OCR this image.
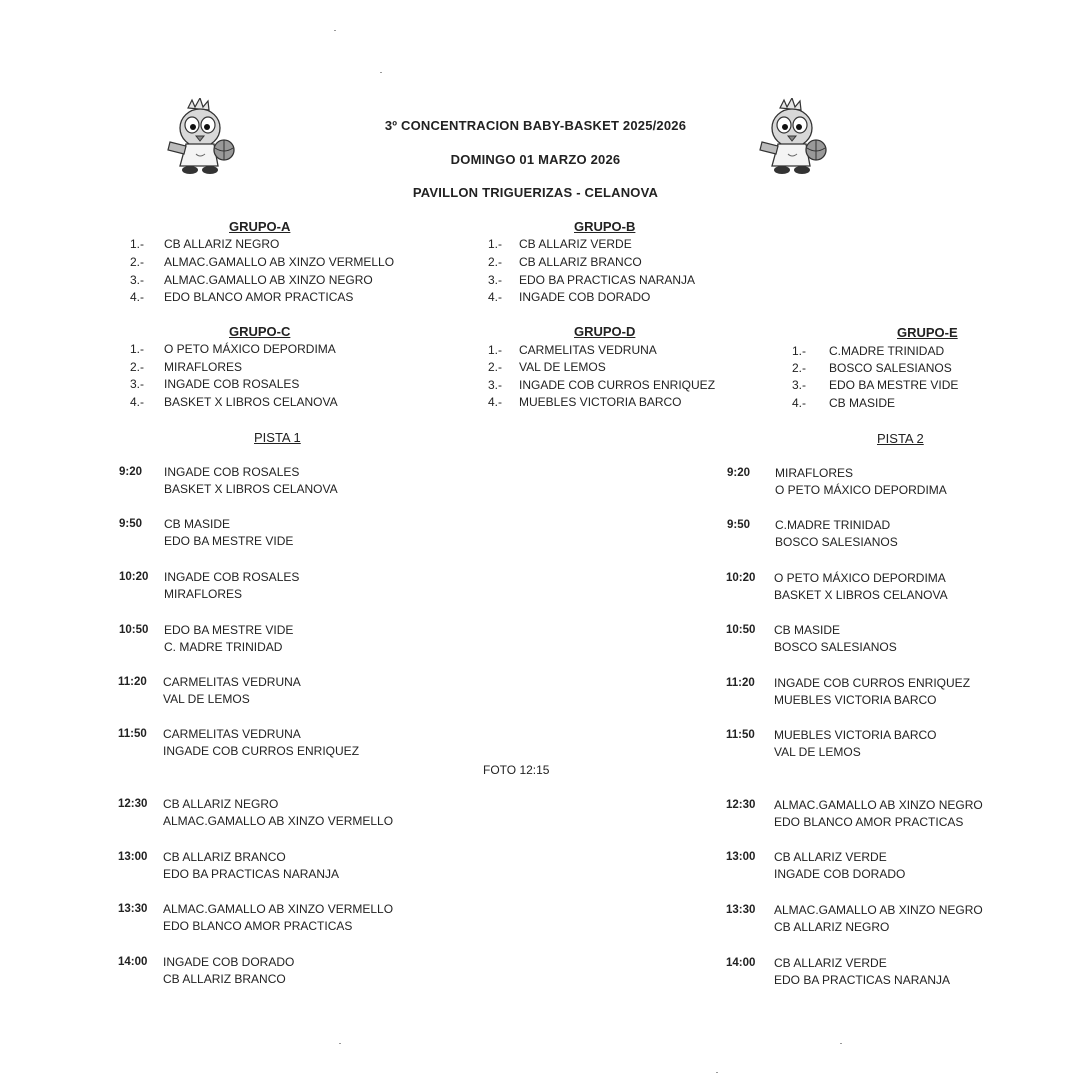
3º CONCENTRACION BABY-BASKET 2025/2026
DOMINGO 01 MARZO 2026
PAVILLON TRIGUERIZAS - CELANOVA
GRUPO-A
1.- CB ALLARIZ NEGRO
2.- ALMAC.GAMALLO AB XINZO VERMELLO
3.- ALMAC.GAMALLO AB XINZO NEGRO
4.- EDO BLANCO AMOR PRACTICAS
GRUPO-B
1.- CB ALLARIZ VERDE
2.- CB ALLARIZ BRANCO
3.- EDO BA PRACTICAS NARANJA
4.- INGADE COB DORADO
GRUPO-C
1.- O PETO MÁXICO DEPORDIMA
2.- MIRAFLORES
3.- INGADE COB ROSALES
4.- BASKET X LIBROS CELANOVA
GRUPO-D
1.- CARMELITAS VEDRUNA
2.- VAL DE LEMOS
3.- INGADE COB CURROS ENRIQUEZ
4.- MUEBLES VICTORIA BARCO
GRUPO-E
1.- C.MADRE TRINIDAD
2.- BOSCO SALESIANOS
3.- EDO BA MESTRE VIDE
4.- CB MASIDE
PISTA 1	PISTA 2
9:20 INGADE COB ROSALES
BASKET X LIBROS CELANOVA
9:50 CB MASIDE
EDO BA MESTRE VIDE
10:20 INGADE COB ROSALES
MIRAFLORES
10:50 EDO BA MESTRE VIDE
C. MADRE TRINIDAD
11:20 CARMELITAS VEDRUNA
VAL DE LEMOS
11:50 CARMELITAS VEDRUNA
INGADE COB CURROS ENRIQUEZ
12:30 CB ALLARIZ NEGRO
ALMAC.GAMALLO AB XINZO VERMELLO
13:00 CB ALLARIZ BRANCO
EDO BA PRACTICAS NARANJA
13:30 ALMAC.GAMALLO AB XINZO VERMELLO
EDO BLANCO AMOR PRACTICAS
14:00 INGADE COB DORADO
CB ALLARIZ BRANCO
FOTO 12:15
9:20 MIRAFLORES
O PETO MÁXICO DEPORDIMA
9:50 C.MADRE TRINIDAD
BOSCO SALESIANOS
10:20 O PETO MÁXICO DEPORDIMA
BASKET X LIBROS CELANOVA
10:50 CB MASIDE
BOSCO SALESIANOS
11:20 INGADE COB CURROS ENRIQUEZ
MUEBLES VICTORIA BARCO
11:50 MUEBLES VICTORIA BARCO
VAL DE LEMOS
12:30 ALMAC.GAMALLO AB XINZO NEGRO
EDO BLANCO AMOR PRACTICAS
13:00 CB ALLARIZ VERDE
INGADE COB DORADO
13:30 ALMAC.GAMALLO AB XINZO NEGRO
CB ALLARIZ NEGRO
14:00 CB ALLARIZ VERDE
EDO BA PRACTICAS NARANJA
